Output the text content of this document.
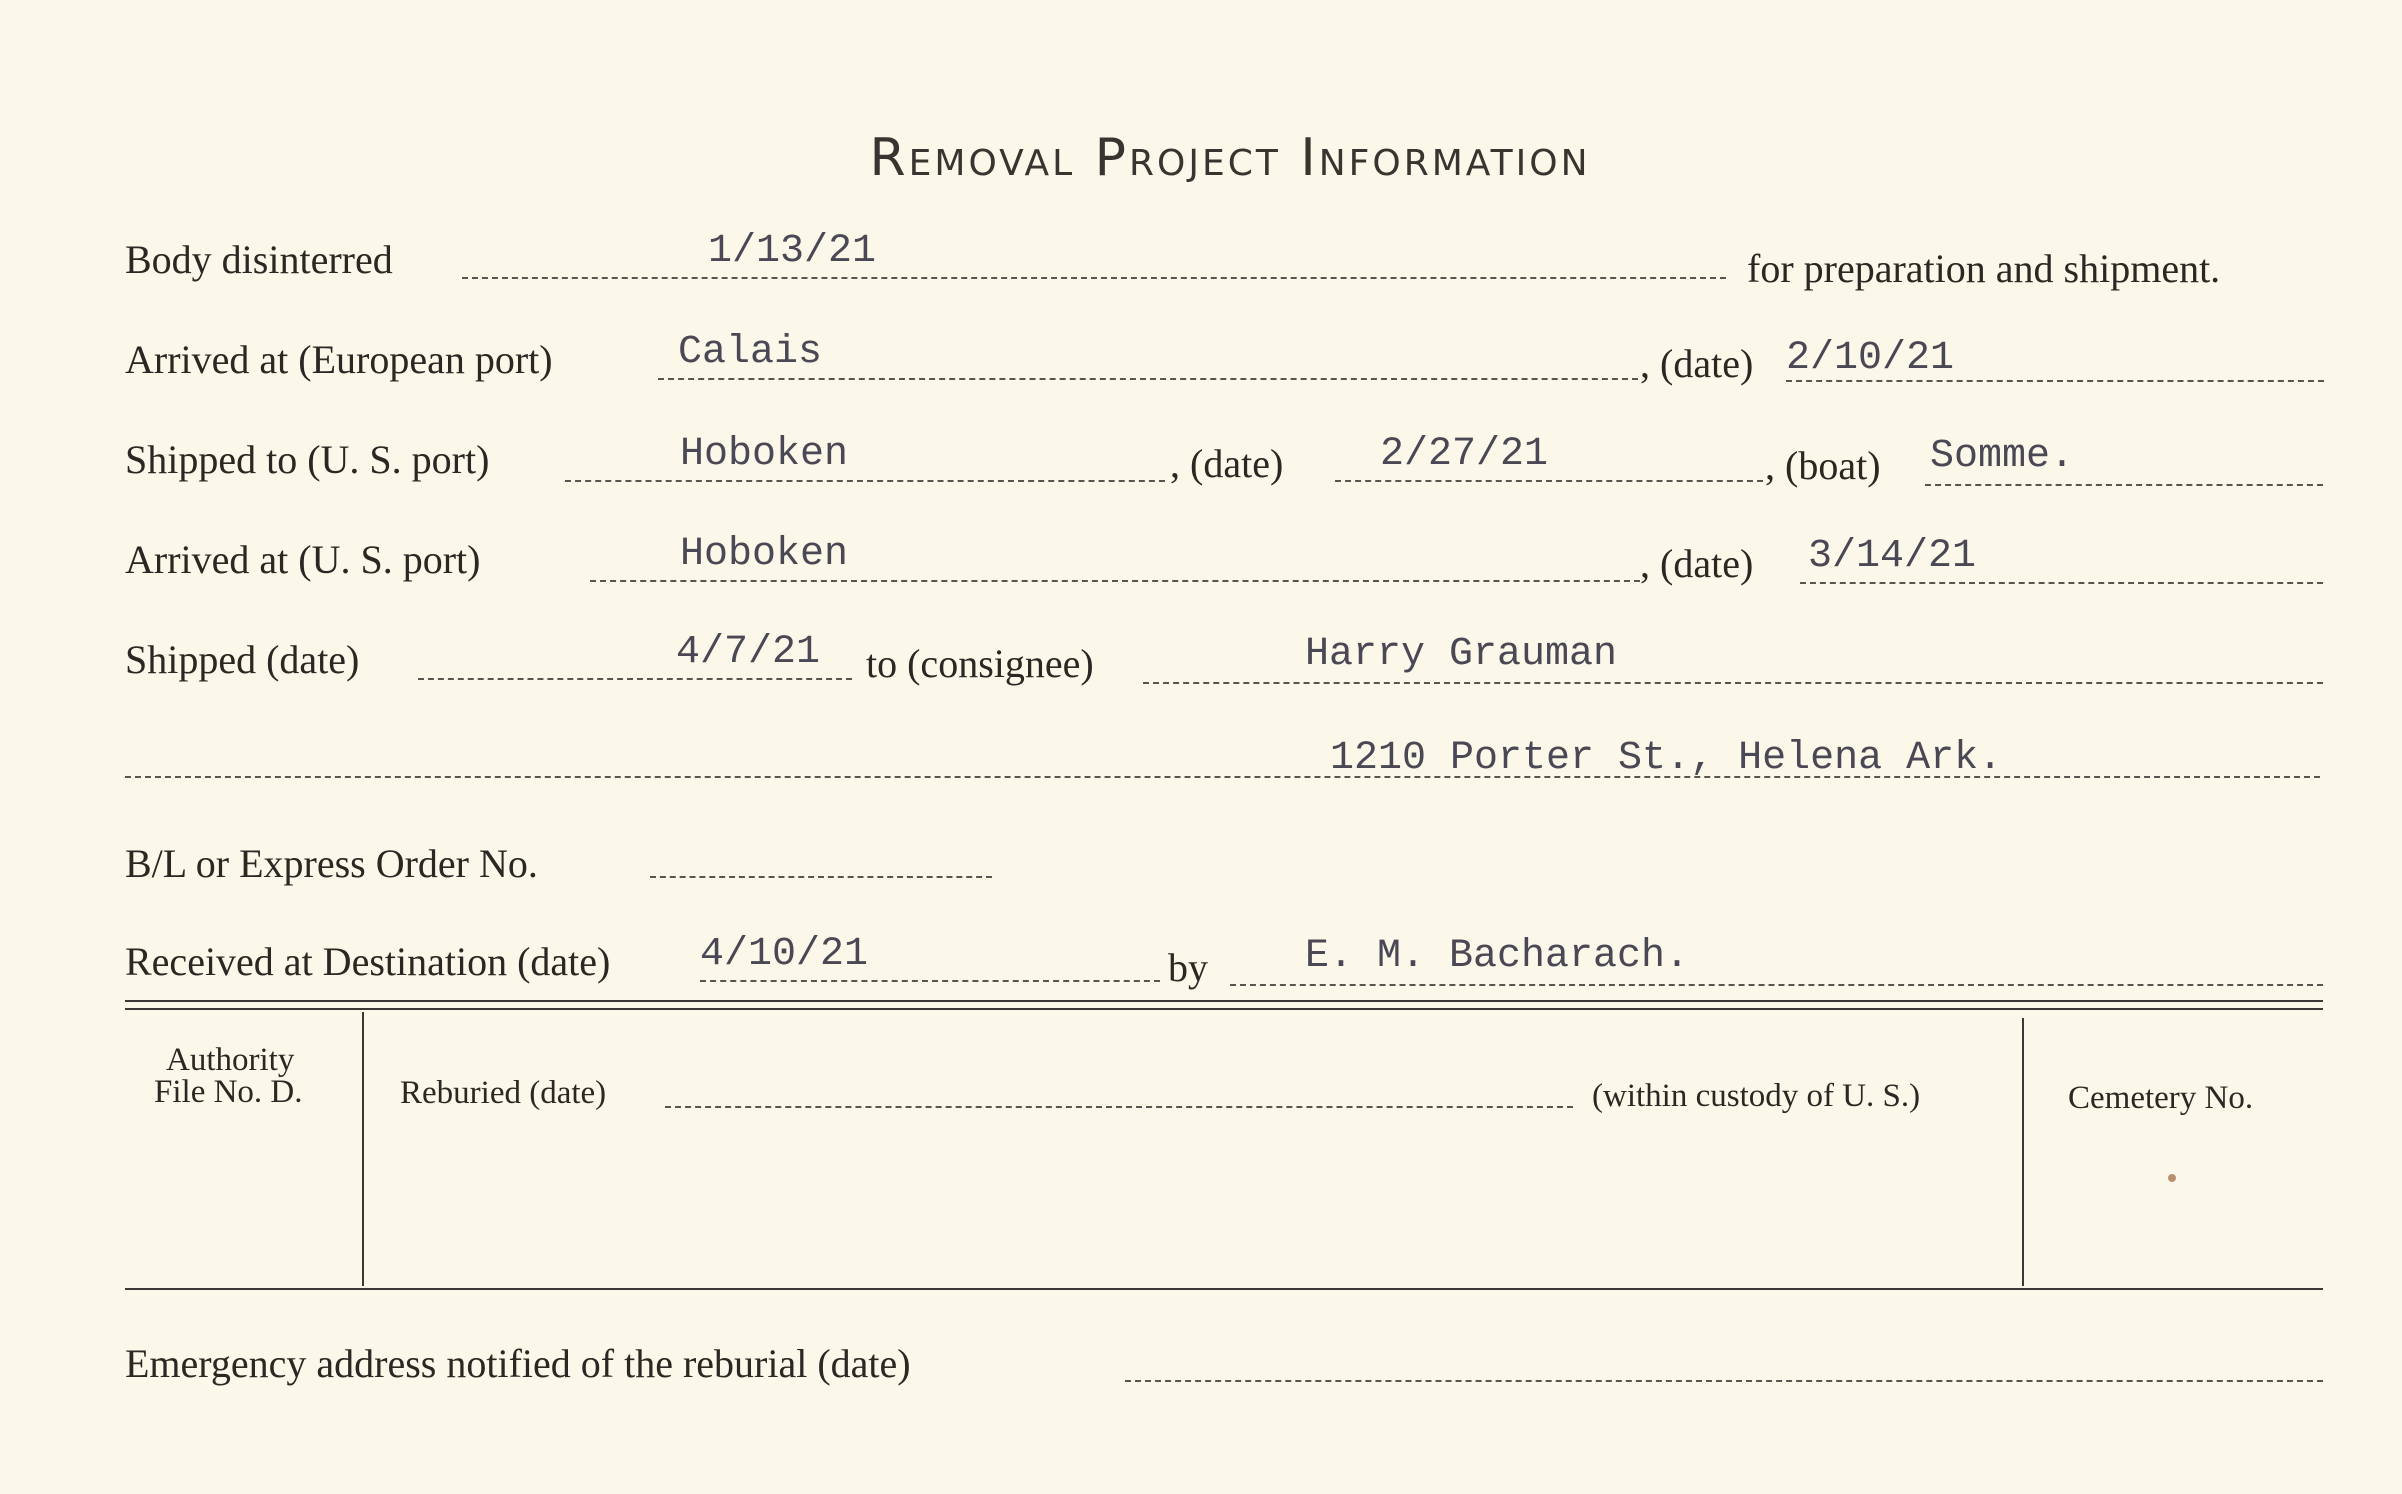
Removal Project Information
Body disinterred	1/13/21	for preparation and shipment.
Arrived at (European port)	Calais	, (date) 2/10/21
Shipped to (U. S. port)	Hoboken	, (date) 2/27/21	, (boat) Somme.
Arrived at (U. S. port)	Hoboken	, (date) 3/14/21
Shipped (date)	4/7/21 to (consignee)	Harry Grauman
1210 Porter St., Helena Ark.
B/L or Express Order No.
Received at Destination (date) 4/10/21	by E. M. Bacharach.
Authority
File No. D.	Reburied (date)	(within custody of U. S.)	Cemetery No.
Emergency address notified of the reburial (date)
